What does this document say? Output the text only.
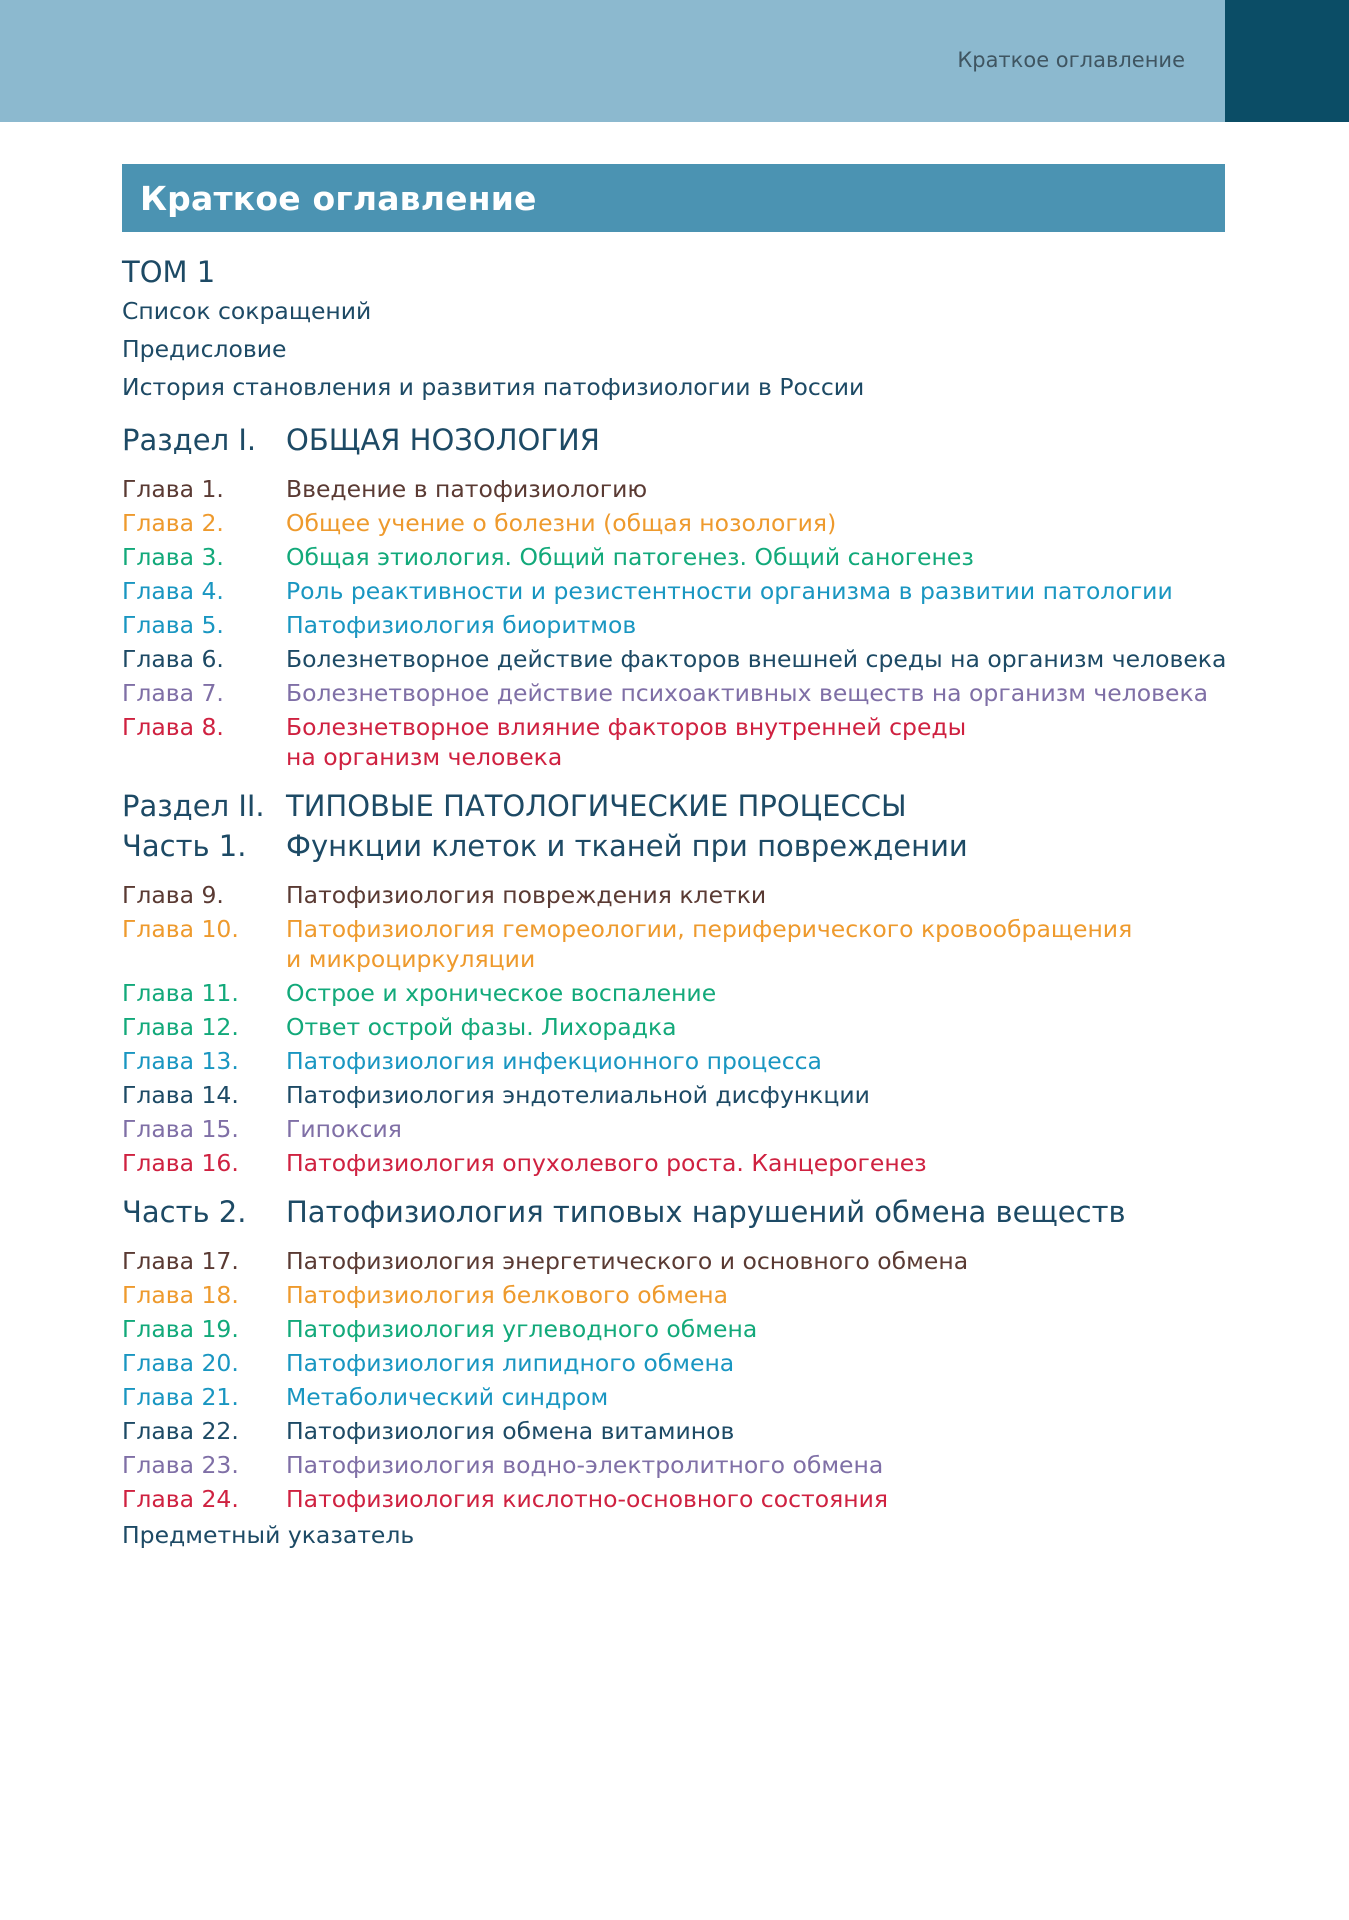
Краткое оглавление
Краткое оглавление
ТОМ 1
Список сокращений
Предисловие
История становления и развития патофизиологии в России
Раздел I.	ОБЩАЯ НОЗОЛОГИЯ
Глава 1.	Введение в патофизиологию
Глава 2.	Общее учение о болезни (общая нозология)
Глава 3.	Общая этиология. Общий патогенез. Общий саногенез
Глава 4.	Роль реактивности и резистентности организма в развитии патологии
Глава 5.	Патофизиология биоритмов
Глава 6.	Болезнетворное действие факторов внешней среды на организм человека
Глава 7.	Болезнетворное действие психоактивных веществ на организм человека
Глава 8.	Болезнетворное влияние факторов внутренней среды
на организм человека
Раздел II. ТИПОВЫЕ ПАТОЛОГИЧЕСКИЕ ПРОЦЕССЫ
Часть 1.	Функции клеток и тканей при повреждении
Глава 9.	Патофизиология повреждения клетки
Глава 10.	Патофизиология гемореологии, периферического кровообращения
и микроциркуляции
Глава 11.	Острое и хроническое воспаление
Глава 12.	Ответ острой фазы. Лихорадка
Глава 13.	Патофизиология инфекционного процесса
Глава 14.	Патофизиология эндотелиальной дисфункции
Глава 15.	Гипоксия
Глава 16.	Патофизиология опухолевого роста. Канцерогенез
Часть 2.	Патофизиология типовых нарушений обмена веществ
Глава 17.	Патофизиология энергетического и основного обмена
Глава 18.	Патофизиология белкового обмена
Глава 19.	Патофизиология углеводного обмена
Глава 20.	Патофизиология липидного обмена
Глава 21.	Метаболический синдром
Глава 22.	Патофизиология обмена витаминов
Глава 23.	Патофизиология водно-электролитного обмена
Глава 24.	Патофизиология кислотно-основного состояния
Предметный указатель
